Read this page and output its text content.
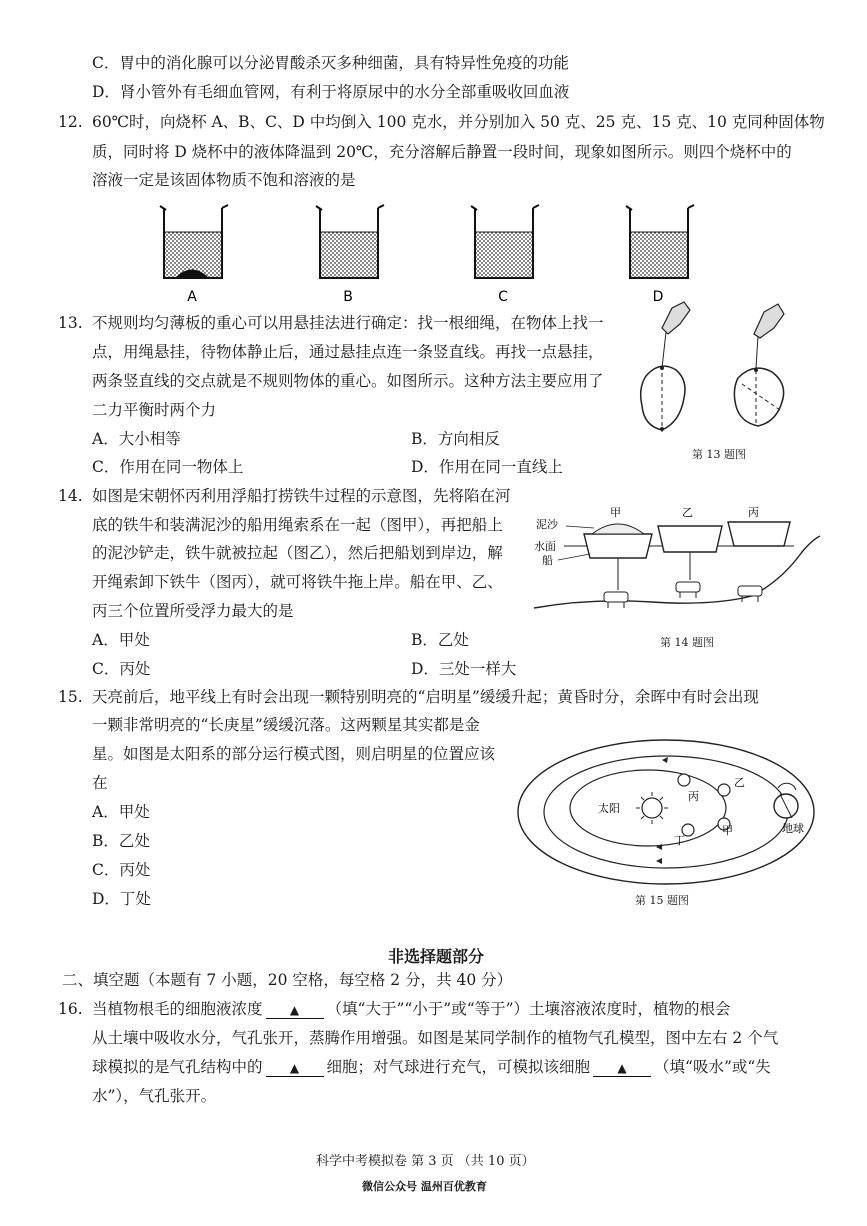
C．胃中的消化腺可以分泌胃酸杀灭多种细菌，具有特异性免疫的功能
D．肾小管外有毛细血管网，有利于将原尿中的水分全部重吸收回血液
12. 60℃时，向烧杯 A、B、C、D 中均倒入 100 克水，并分别加入 50 克、25 克、15 克、10 克同种固体物
质，同时将 D 烧杯中的液体降温到 20℃，充分溶解后静置一段时间，现象如图所示。则四个烧杯中的
溶液一定是该固体物质不饱和溶液的是
A	B	C	D
13. 不规则均匀薄板的重心可以用悬挂法进行确定：找一根细绳，在物体上找一
点，用绳悬挂，待物体静止后，通过悬挂点连一条竖直线。再找一点悬挂，
两条竖直线的交点就是不规则物体的重心。如图所示。这种方法主要应用了
二力平衡时两个力
A．大小相等	B．方向相反
C．作用在同一物体上	D．作用在同一直线上
第 13 题图
14. 如图是宋朝怀丙利用浮船打捞铁牛过程的示意图，先将陷在河
底的铁牛和装满泥沙的船用绳索系在一起（图甲），再把船上
的泥沙铲走，铁牛就被拉起（图乙），然后把船划到岸边，解
开绳索卸下铁牛（图丙），就可将铁牛拖上岸。船在甲、乙、
丙三个位置所受浮力最大的是
A．甲处	B．乙处
C．丙处	D．三处一样大
泥沙
水面
船
甲	乙	丙
第 14 题图
15. 天亮前后，地平线上有时会出现一颗特别明亮的“启明星”缓缓升起；黄昏时分，余晖中有时会出现
一颗非常明亮的“长庚星”缓缓沉落。这两颗星其实都是金
星。如图是太阳系的部分运行模式图，则启明星的位置应该
在
A．甲处
B．乙处
C．丙处
D．丁处
太阳
地球
甲
乙
丙
丁
第 15 题图
非选择题部分
二、填空题（本题有 7 小题，20 空格，每空格 2 分，共 40 分）
16. 当植物根毛的细胞液浓度 ▲ （填“大于”“小于”或“等于”）土壤溶液浓度时，植物的根会
从土壤中吸收水分，气孔张开，蒸腾作用增强。如图是某同学制作的植物气孔模型，图中左右 2 个气
球模拟的是气孔结构中的 ▲ 细胞；对气球进行充气，可模拟该细胞 ▲ （填“吸水”或“失
水”），气孔张开。
科学中考模拟卷 第 3 页 （共 10 页）
微信公众号 温州百优教育
